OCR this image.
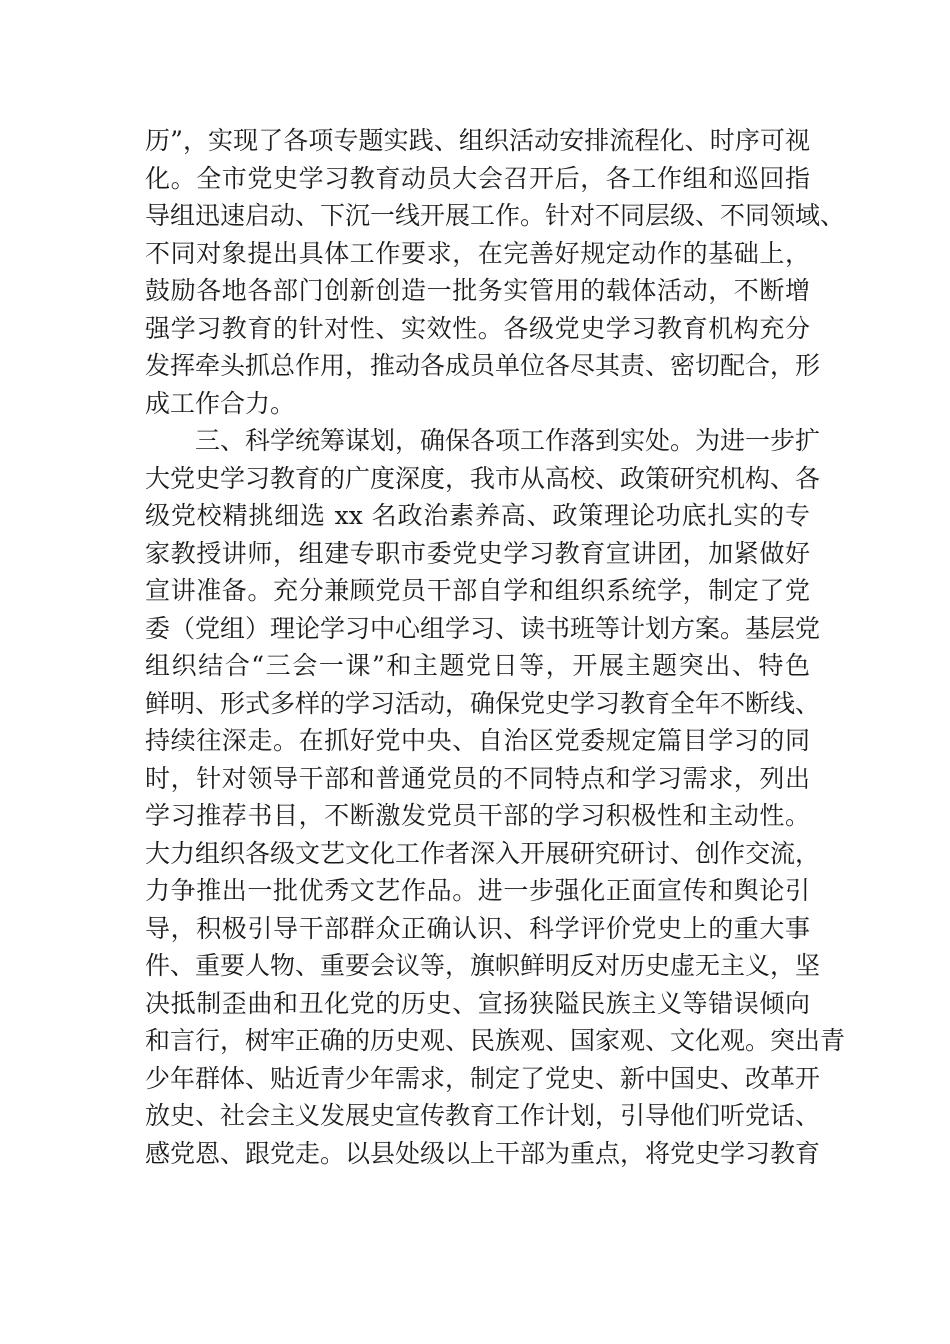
历”，实现了各项专题实践、组织活动安排流程化、时序可视
化。全市党史学习教育动员大会召开后，各工作组和巡回指
导组迅速启动、下沉一线开展工作。针对不同层级、不同领域、
不同对象提出具体工作要求，在完善好规定动作的基础上，
鼓励各地各部门创新创造一批务实管用的载体活动，不断增
强学习教育的针对性、实效性。各级党史学习教育机构充分
发挥牵头抓总作用，推动各成员单位各尽其责、密切配合，形
成工作合力。
三、科学统筹谋划，确保各项工作落到实处。为进一步扩
大党史学习教育的广度深度，我市从高校、政策研究机构、各
级党校精挑细选 xx 名政治素养高、政策理论功底扎实的专
家教授讲师，组建专职市委党史学习教育宣讲团，加紧做好
宣讲准备。充分兼顾党员干部自学和组织系统学，制定了党
委（党组）理论学习中心组学习、读书班等计划方案。基层党
组织结合“三会一课”和主题党日等，开展主题突出、特色
鲜明、形式多样的学习活动，确保党史学习教育全年不断线、
持续往深走。在抓好党中央、自治区党委规定篇目学习的同
时，针对领导干部和普通党员的不同特点和学习需求，列出
学习推荐书目，不断激发党员干部的学习积极性和主动性。
大力组织各级文艺文化工作者深入开展研究研讨、创作交流，
力争推出一批优秀文艺作品。进一步强化正面宣传和舆论引
导，积极引导干部群众正确认识、科学评价党史上的重大事
件、重要人物、重要会议等，旗帜鲜明反对历史虚无主义，坚
决抵制歪曲和丑化党的历史、宣扬狭隘民族主义等错误倾向
和言行，树牢正确的历史观、民族观、国家观、文化观。突出青
少年群体、贴近青少年需求，制定了党史、新中国史、改革开
放史、社会主义发展史宣传教育工作计划，引导他们听党话、
感党恩、跟党走。以县处级以上干部为重点，将党史学习教育
